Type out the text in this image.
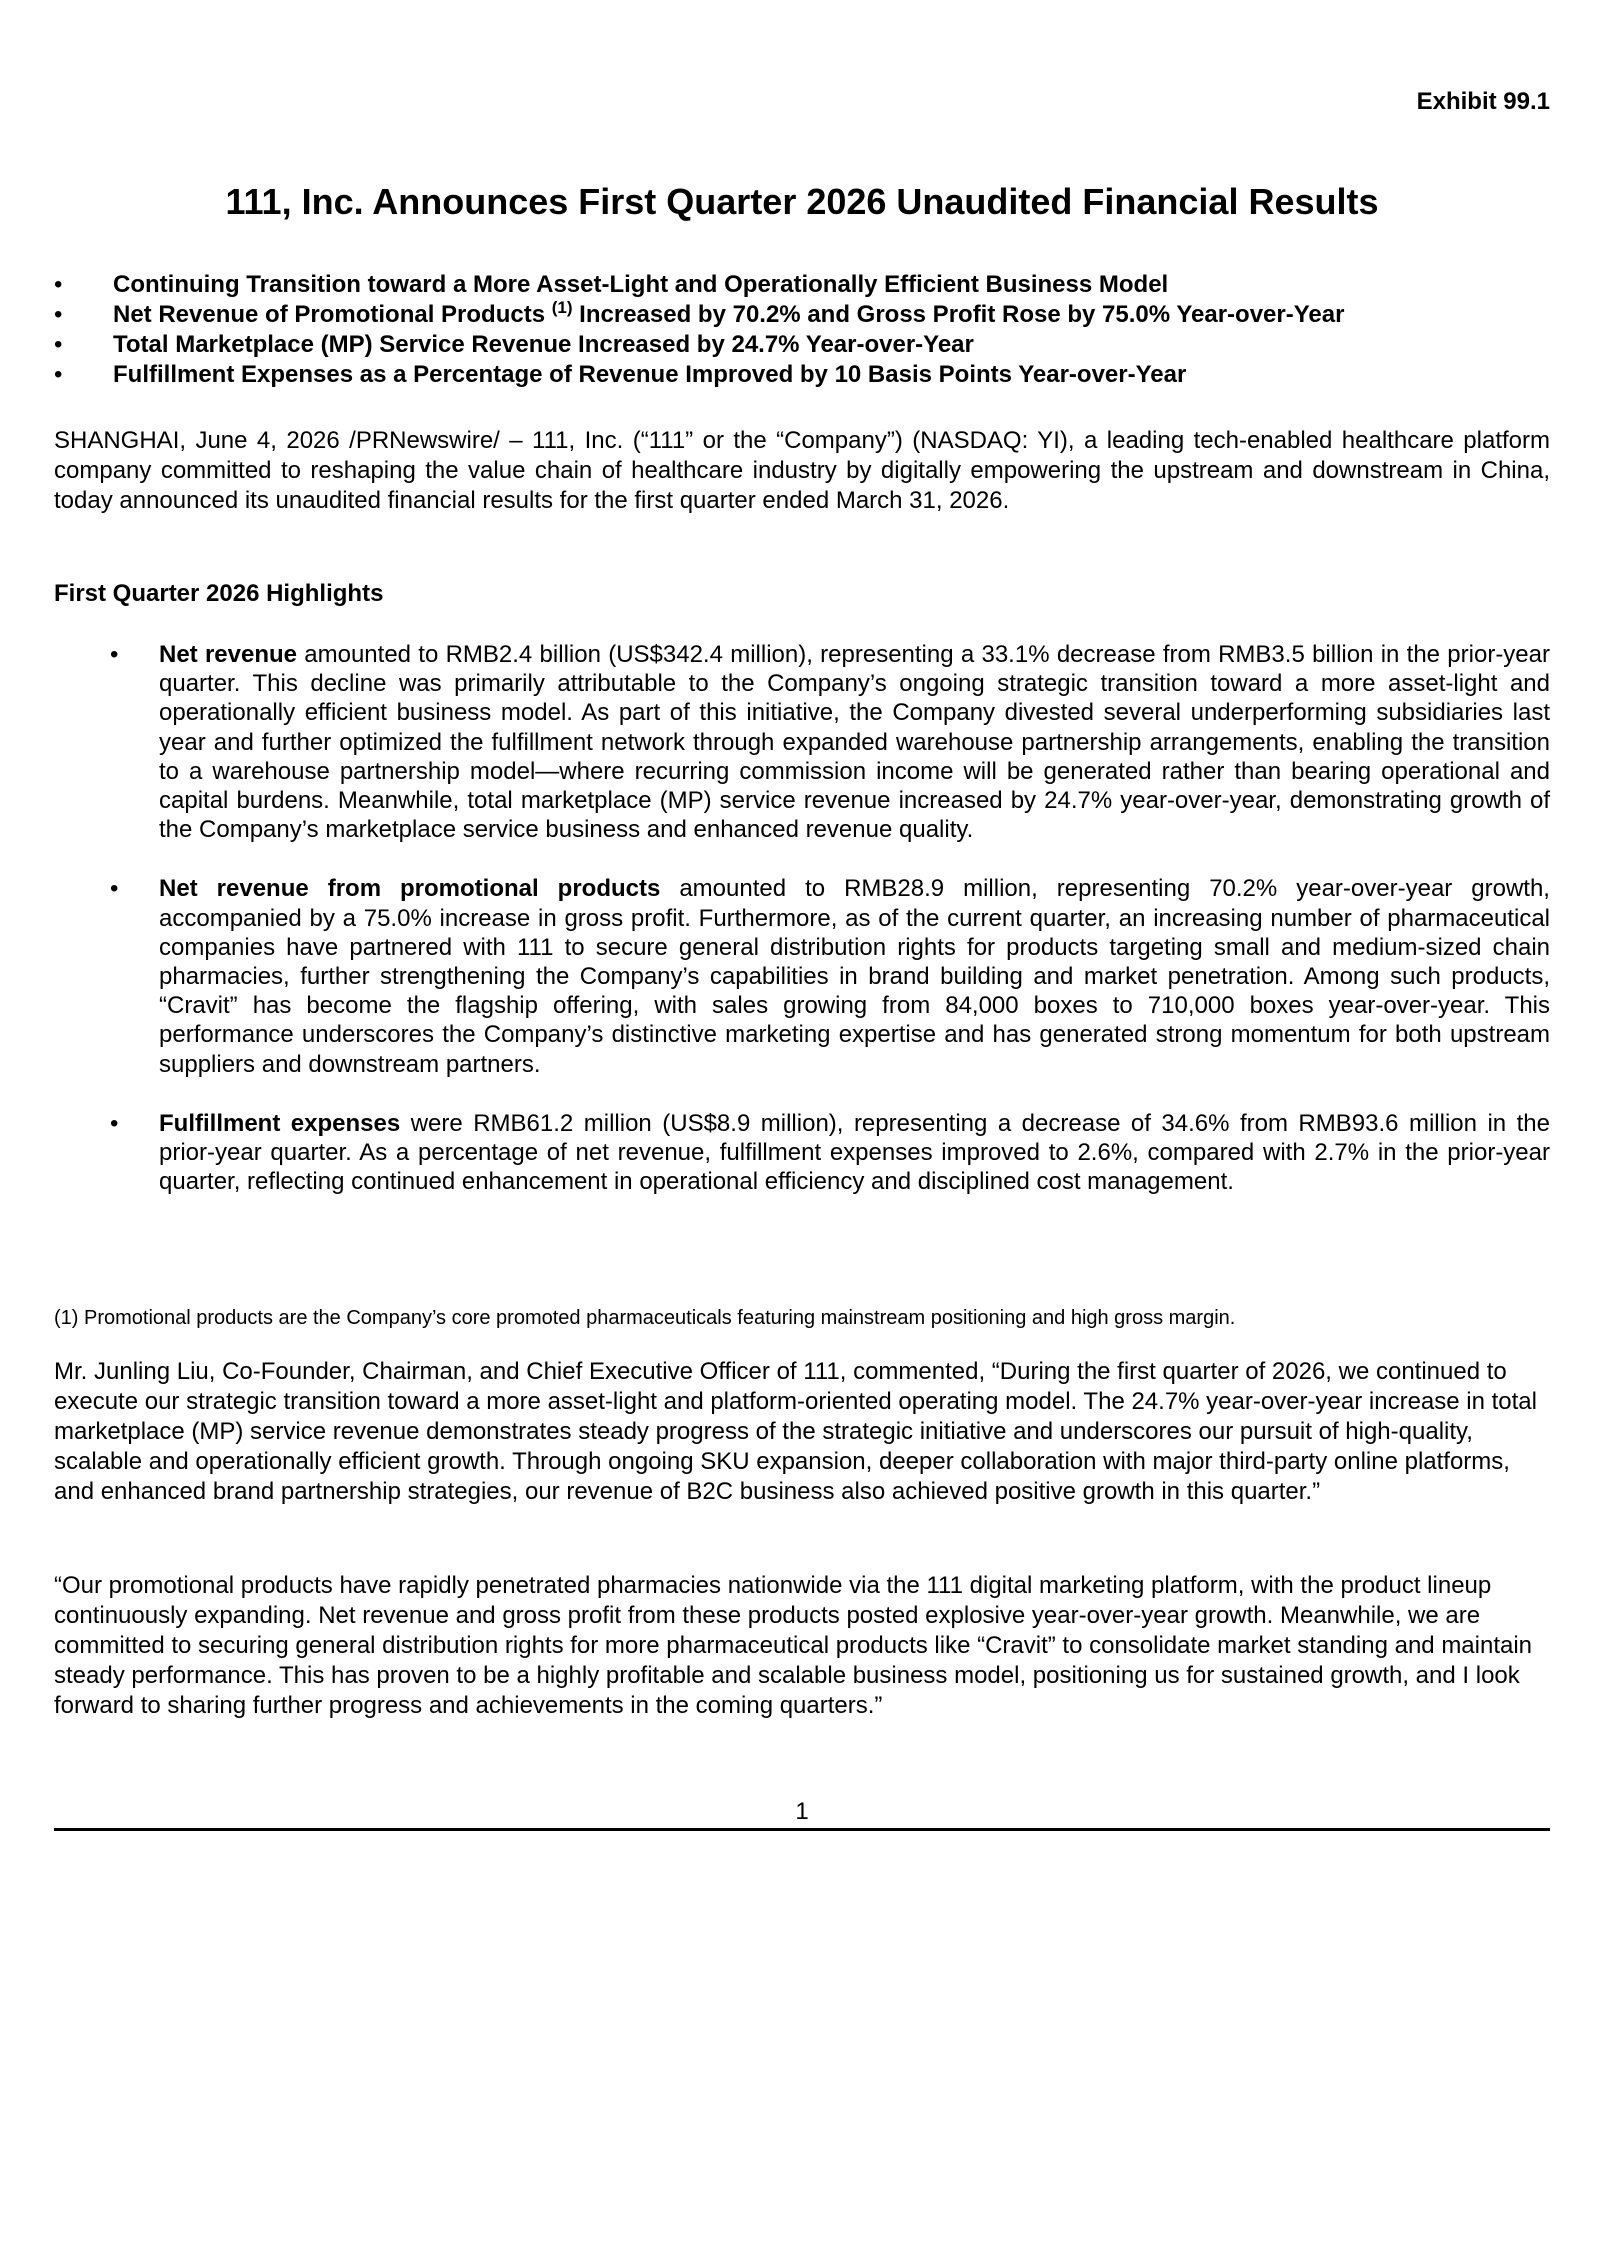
Exhibit 99.1
111, Inc. Announces First Quarter 2026 Unaudited Financial Results
• Continuing Transition toward a More Asset-Light and Operationally Efficient Business Model
• Net Revenue of Promotional Products $^{(1)}$ Increased by 70.2% and Gross Profit Rose by 75.0% Year-over-Year
• Total Marketplace (MP) Service Revenue Increased by 24.7% Year-over-Year
• Fulfillment Expenses as a Percentage of Revenue Improved by 10 Basis Points Year-over-Year

SHANGHAI, June 4, 2026 /PRNewswire/ – 111, Inc. (“111” or the “Company”) (NASDAQ: YI), a leading tech-enabled healthcare platform company committed to reshaping the value chain of healthcare industry by digitally empowering the upstream and downstream in China, today announced its unaudited financial results for the first quarter ended March 31, 2026.

First Quarter 2026 Highlights
• Net revenue amounted to RMB2.4 billion (US$342.4 million), representing a 33.1% decrease from RMB3.5 billion in the prior-year quarter. This decline was primarily attributable to the Company’s ongoing strategic transition toward a more asset-light and operationally efficient business model. As part of this initiative, the Company divested several underperforming subsidiaries last year and further optimized the fulfillment network through expanded warehouse partnership arrangements, enabling the transition to a warehouse partnership model—where recurring commission income will be generated rather than bearing operational and capital burdens. Meanwhile, total marketplace (MP) service revenue increased by 24.7% year-over-year, demonstrating growth of the Company’s marketplace service business and enhanced revenue quality.
• Net revenue from promotional products amounted to RMB28.9 million, representing 70.2% year-over-year growth, accompanied by a 75.0% increase in gross profit. Furthermore, as of the current quarter, an increasing number of pharmaceutical companies have partnered with 111 to secure general distribution rights for products targeting small and medium-sized chain pharmacies, further strengthening the Company’s capabilities in brand building and market penetration. Among such products, “Cravit” has become the flagship offering, with sales growing from 84,000 boxes to 710,000 boxes year-over-year. This performance underscores the Company’s distinctive marketing expertise and has generated strong momentum for both upstream suppliers and downstream partners.
• Fulfillment expenses were RMB61.2 million (US$8.9 million), representing a decrease of 34.6% from RMB93.6 million in the prior-year quarter. As a percentage of net revenue, fulfillment expenses improved to 2.6%, compared with 2.7% in the prior-year quarter, reflecting continued enhancement in operational efficiency and disciplined cost management.
(1) Promotional products are the Company’s core promoted pharmaceuticals featuring mainstream positioning and high gross margin.

Mr. Junling Liu, Co-Founder, Chairman, and Chief Executive Officer of 111, commented, “During the first quarter of 2026, we continued to execute our strategic transition toward a more asset-light and platform-oriented operating model. The 24.7% year-over-year increase in total marketplace (MP) service revenue demonstrates steady progress of the strategic initiative and underscores our pursuit of high-quality, scalable and operationally efficient growth. Through ongoing SKU expansion, deeper collaboration with major third-party online platforms, and enhanced brand partnership strategies, our revenue of B2C business also achieved positive growth in this quarter.”

“Our promotional products have rapidly penetrated pharmacies nationwide via the 111 digital marketing platform, with the product lineup continuously expanding. Net revenue and gross profit from these products posted explosive year-over-year growth. Meanwhile, we are committed to securing general distribution rights for more pharmaceutical products like “Cravit” to consolidate market standing and maintain steady performance. This has proven to be a highly profitable and scalable business model, positioning us for sustained growth, and I look forward to sharing further progress and achievements in the coming quarters.”

1
